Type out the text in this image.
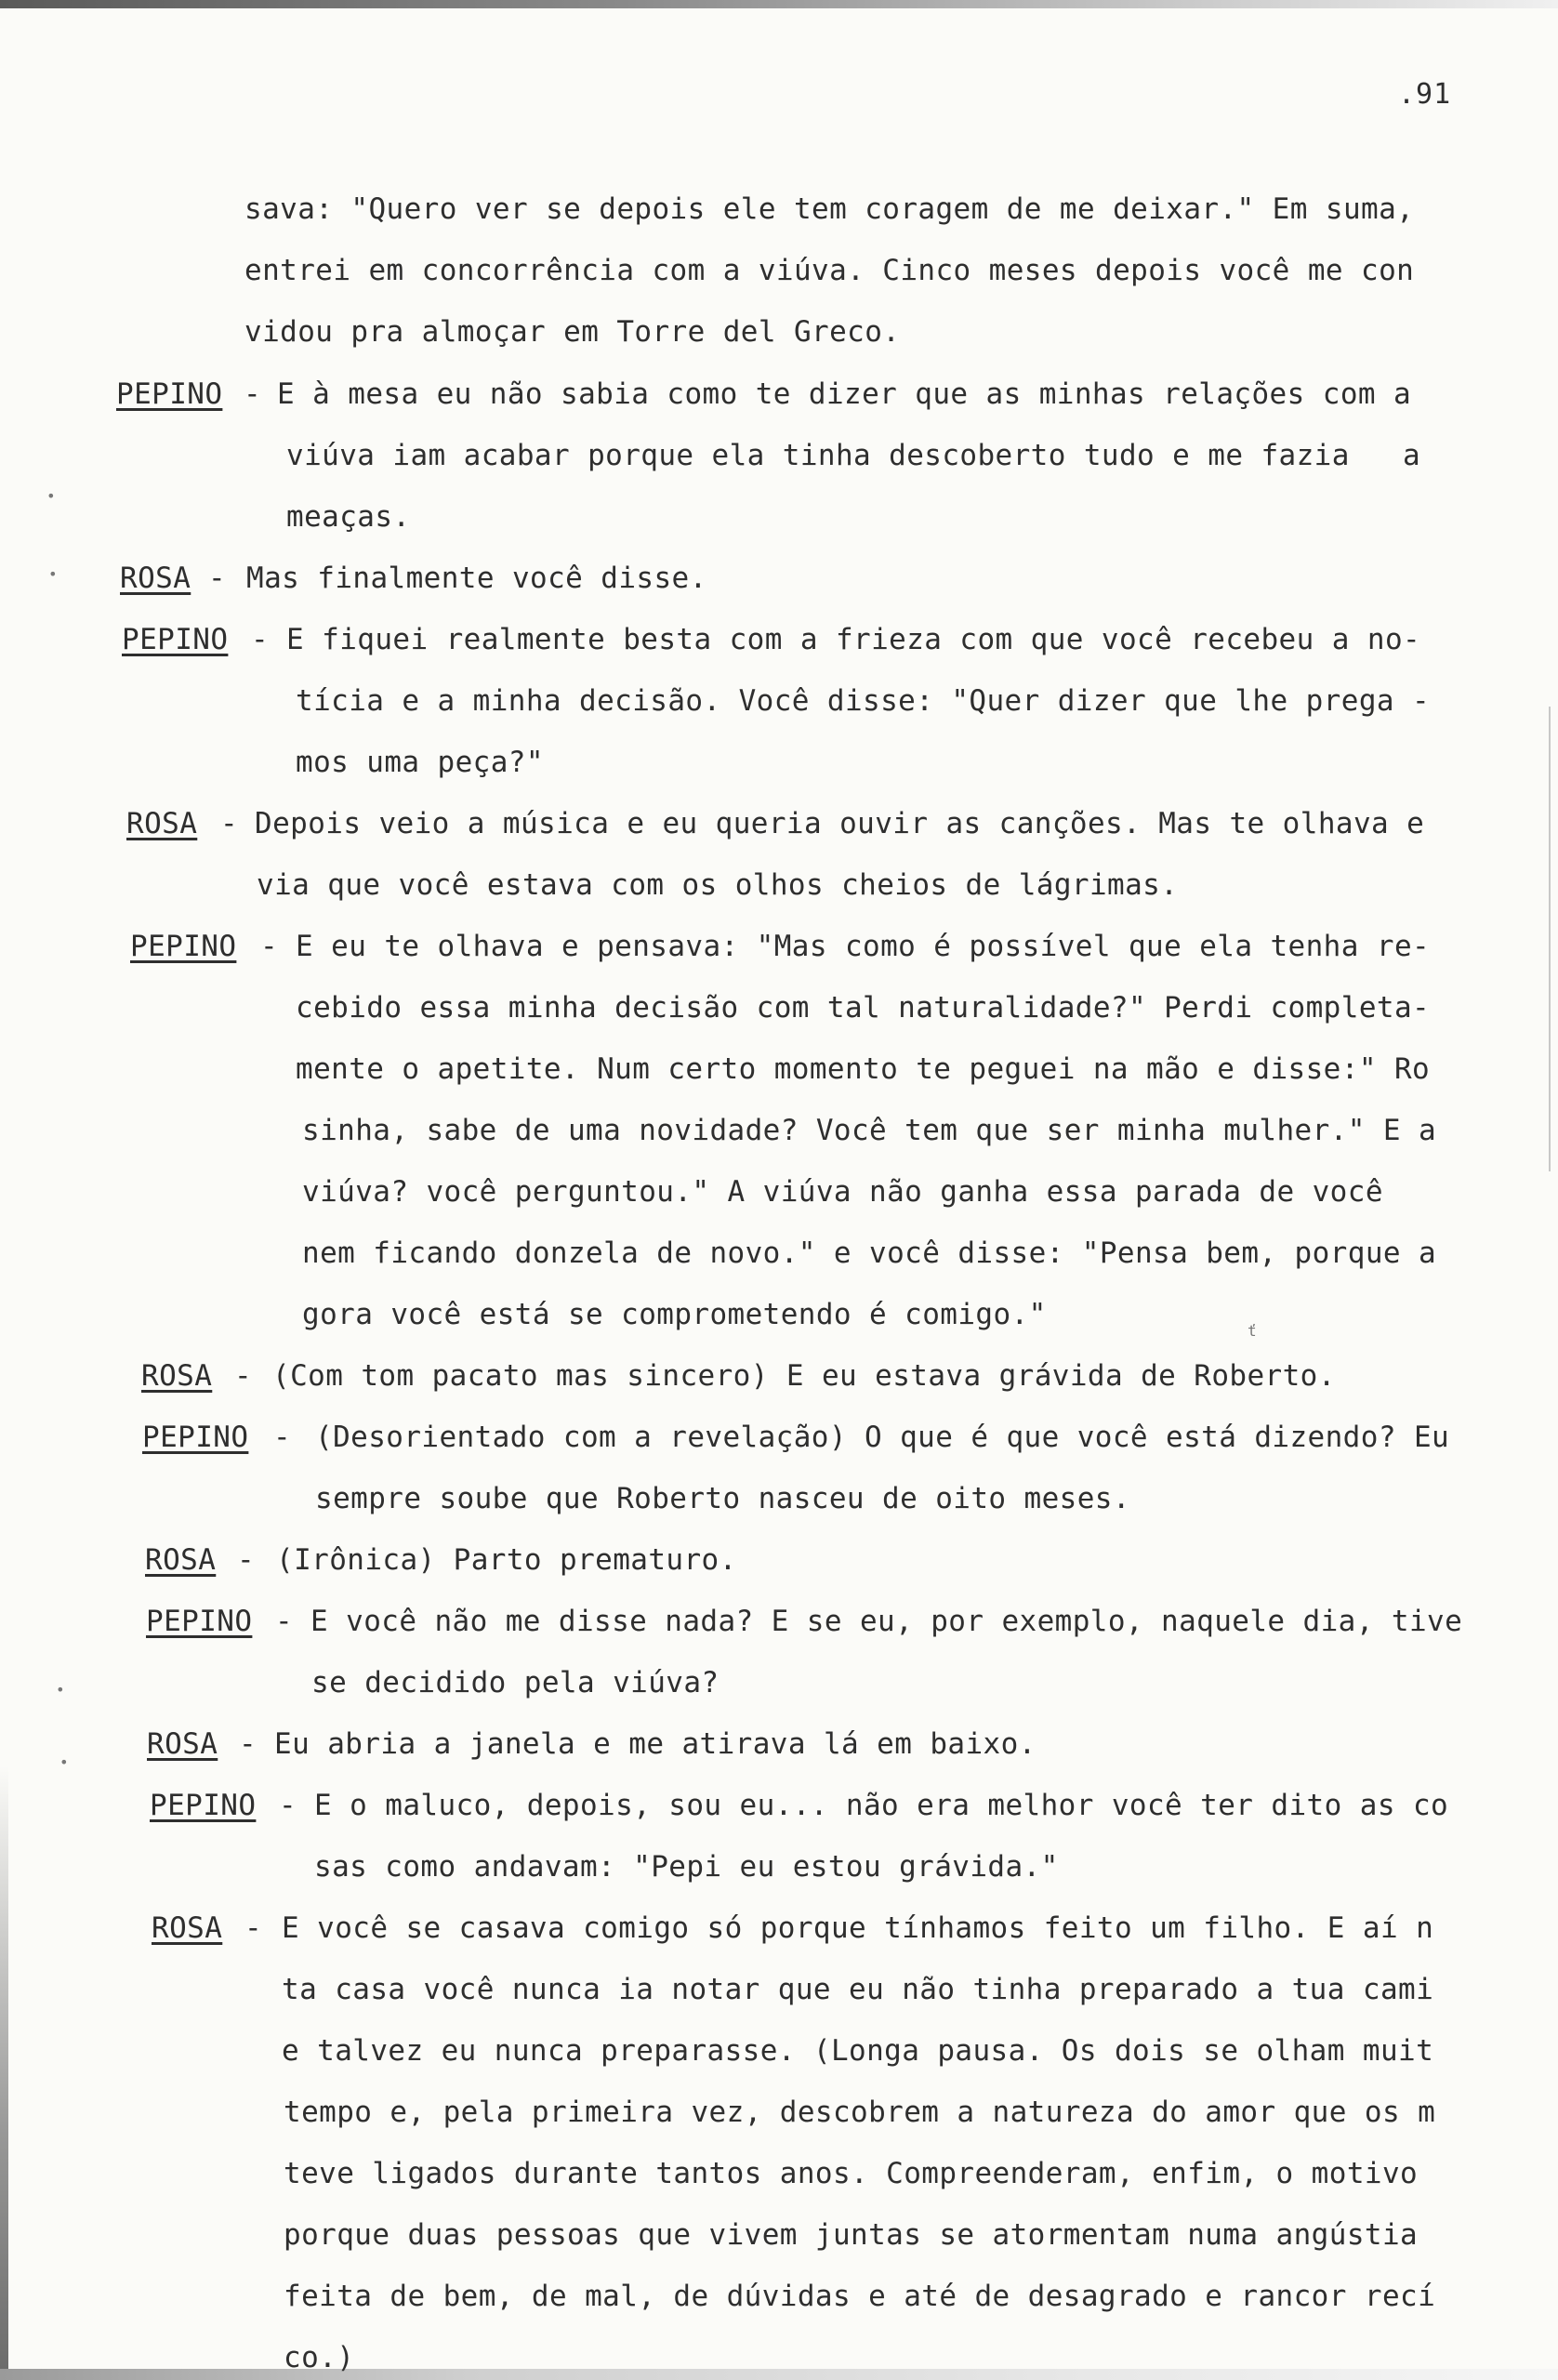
•
•
•
•
ť
.91
sava: "Quero ver se depois ele tem coragem de me deixar." Em suma,
entrei em concorrência com a viúva. Cinco meses depois você me con
vidou pra almoçar em Torre del Greco.
PEPINO - E à mesa eu não sabia como te dizer que as minhas relações com a
viúva iam acabar porque ela tinha descoberto tudo e me fazia   a
meaças.
ROSA - Mas finalmente você disse.
PEPINO - E fiquei realmente besta com a frieza com que você recebeu a no-
tícia e a minha decisão. Você disse: "Quer dizer que lhe prega -
mos uma peça?"
ROSA - Depois veio a música e eu queria ouvir as canções. Mas te olhava e
via que você estava com os olhos cheios de lágrimas.
PEPINO - E eu te olhava e pensava: "Mas como é possível que ela tenha re-
cebido essa minha decisão com tal naturalidade?" Perdi completa-
mente o apetite. Num certo momento te peguei na mão e disse:" Ro
sinha, sabe de uma novidade? Você tem que ser minha mulher." E a
viúva? você perguntou." A viúva não ganha essa parada de você
nem ficando donzela de novo." e você disse: "Pensa bem, porque a
gora você está se comprometendo é comigo."
ROSA - (Com tom pacato mas sincero) E eu estava grávida de Roberto.
PEPINO - (Desorientado com a revelação) O que é que você está dizendo? Eu
sempre soube que Roberto nasceu de oito meses.
ROSA - (Irônica) Parto prematuro.
PEPINO - E você não me disse nada? E se eu, por exemplo, naquele dia, tive
se decidido pela viúva?
ROSA - Eu abria a janela e me atirava lá em baixo.
PEPINO - E o maluco, depois, sou eu... não era melhor você ter dito as co
sas como andavam: "Pepi eu estou grávida."
ROSA - E você se casava comigo só porque tínhamos feito um filho. E aí n
ta casa você nunca ia notar que eu não tinha preparado a tua cami
e talvez eu nunca preparasse. (Longa pausa. Os dois se olham muit
tempo e, pela primeira vez, descobrem a natureza do amor que os m
teve ligados durante tantos anos. Compreenderam, enfim, o motivo
porque duas pessoas que vivem juntas se atormentam numa angústia
feita de bem, de mal, de dúvidas e até de desagrado e rancor recí
co.)
